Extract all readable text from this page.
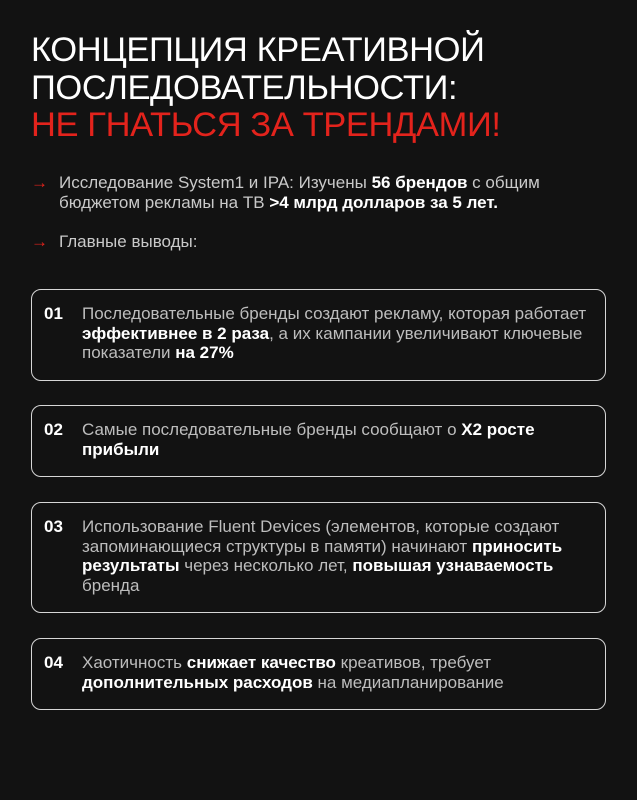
КОНЦЕПЦИЯ КРЕАТИВНОЙ
ПОСЛЕДОВАТЕЛЬНОСТИ:
НЕ ГНАТЬСЯ ЗА ТРЕНДАМИ!
→ Исследование System1 и IPA: Изучены 56 брендов с общим бюджетом рекламы на ТВ >4 млрд долларов за 5 лет.
→ Главные выводы:
01	Последовательные бренды создают рекламу, которая работает эффективнее в 2 раза, а их кампании увеличивают ключевые показатели на 27%
02	Самые последовательные бренды сообщают о X2 росте прибыли
03	Использование Fluent Devices (элементов, которые создают запоминающиеся структуры в памяти) начинают приносить результаты через несколько лет, повышая узнаваемость бренда
04	Хаотичность снижает качество креативов, требует дополнительных расходов на медиапланирование
